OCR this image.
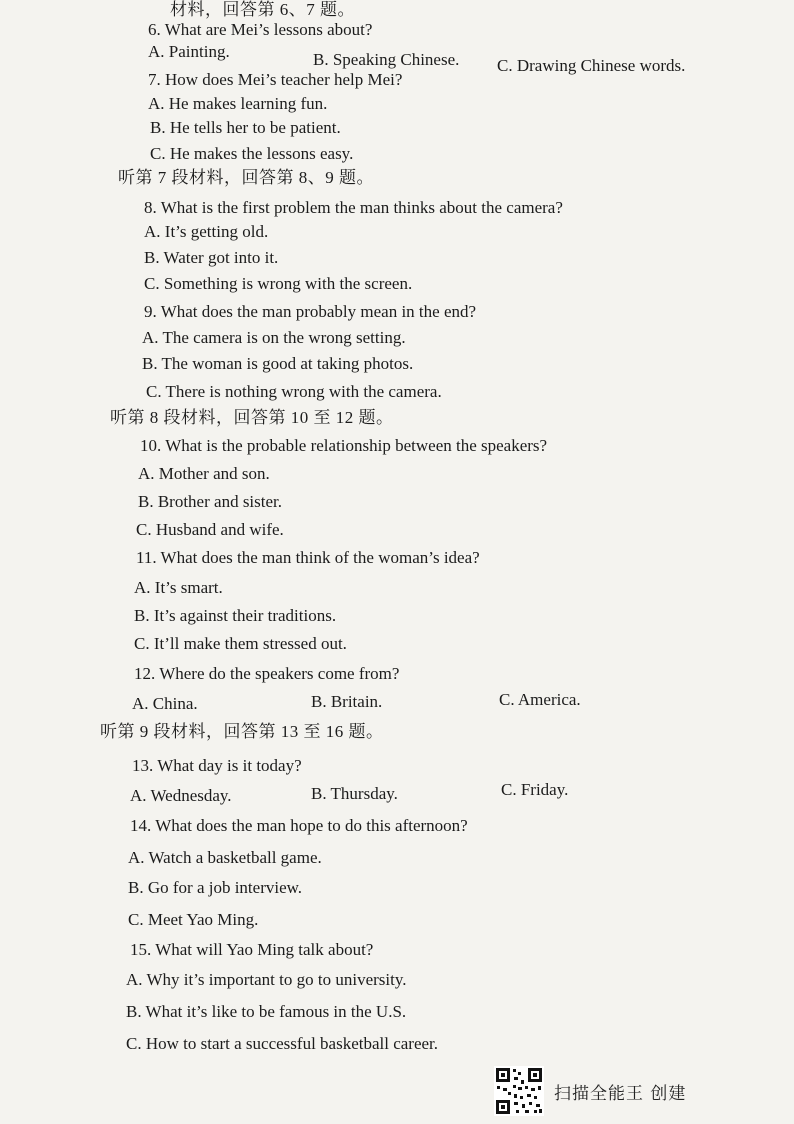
材料，回答第 6、7 题。
6. What are Mei’s lessons about?
A. Painting.	B. Speaking Chinese. C. Drawing Chinese words.
7. How does Mei’s teacher help Mei?
A. He makes learning fun.
B. He tells her to be patient.
C. He makes the lessons easy.
听第 7 段材料，回答第 8、9 题。
8. What is the first problem the man thinks about the camera?
A. It’s getting old.
B. Water got into it.
C. Something is wrong with the screen.
9. What does the man probably mean in the end?
A. The camera is on the wrong setting.
B. The woman is good at taking photos.
C. There is nothing wrong with the camera.
听第 8 段材料，回答第 10 至 12 题。
10. What is the probable relationship between the speakers?
A. Mother and son.
B. Brother and sister.
C. Husband and wife.
11. What does the man think of the woman’s idea?
A. It’s smart.
B. It’s against their traditions.
C. It’ll make them stressed out.
12. Where do the speakers come from?
A. China.	B. Britain.	C. America.
听第 9 段材料，回答第 13 至 16 题。
13. What day is it today?
A. Wednesday.	B. Thursday.	C. Friday.
14. What does the man hope to do this afternoon?
A. Watch a basketball game.
B. Go for a job interview.
C. Meet Yao Ming.
15. What will Yao Ming talk about?
A. Why it’s important to go to university.
B. What it’s like to be famous in the U.S.
C. How to start a successful basketball career.
扫描全能王 创建
